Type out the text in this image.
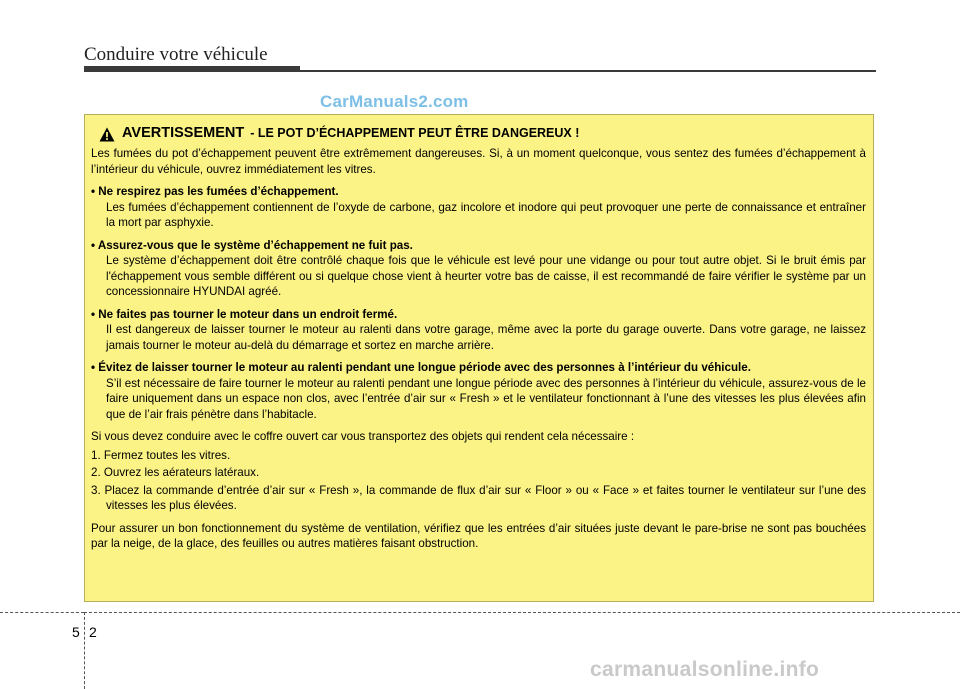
Conduire votre véhicule
CarManuals2.com
AVERTISSEMENT - LE POT D’ÉCHAPPEMENT PEUT ÊTRE DANGEREUX !

Les fumées du pot d’échappement peuvent être extrêmement dangereuses. Si, à un moment quelconque, vous sentez des fumées d’échappement à l’intérieur du véhicule, ouvrez immédiatement les vitres.

• Ne respirez pas les fumées d’échappement.

Les fumées d’échappement contiennent de l’oxyde de carbone, gaz incolore et inodore qui peut provoquer une perte de connaissance et entraîner la mort par asphyxie.

• Assurez-vous que le système d’échappement ne fuit pas.

Le système d’échappement doit être contrôlé chaque fois que le véhicule est levé pour une vidange ou pour tout autre objet. Si le bruit émis par l'échappement vous semble différent ou si quelque chose vient à heurter votre bas de caisse, il est recommandé de faire vérifier le système par un concessionnaire HYUNDAI agréé.

• Ne faites pas tourner le moteur dans un endroit fermé.

Il est dangereux de laisser tourner le moteur au ralenti dans votre garage, même avec la porte du garage ouverte. Dans votre garage, ne laissez jamais tourner le moteur au-delà du démarrage et sortez en marche arrière.

• Évitez de laisser tourner le moteur au ralenti pendant une longue période avec des personnes à l’intérieur du véhicule.

S’il est nécessaire de faire tourner le moteur au ralenti pendant une longue période avec des personnes à l’intérieur du véhicule, assurez-vous de le faire uniquement dans un espace non clos, avec l’entrée d’air sur « Fresh » et le ventilateur fonctionnant à l’une des vitesses les plus élevées afin que de l’air frais pénètre dans l’habitacle.

Si vous devez conduire avec le coffre ouvert car vous transportez des objets qui rendent cela nécessaire :

1. Fermez toutes les vitres.
2. Ouvrez les aérateurs latéraux.
3. Placez la commande d’entrée d’air sur « Fresh », la commande de flux d’air sur « Floor » ou « Face » et faites tourner le ventilateur sur l’une des vitesses les plus élevées.

Pour assurer un bon fonctionnement du système de ventilation, vérifiez que les entrées d’air situées juste devant le pare-brise ne sont pas bouchées par la neige, de la glace, des feuilles ou autres matières faisant obstruction.

5 2
carmanualsonline.info
